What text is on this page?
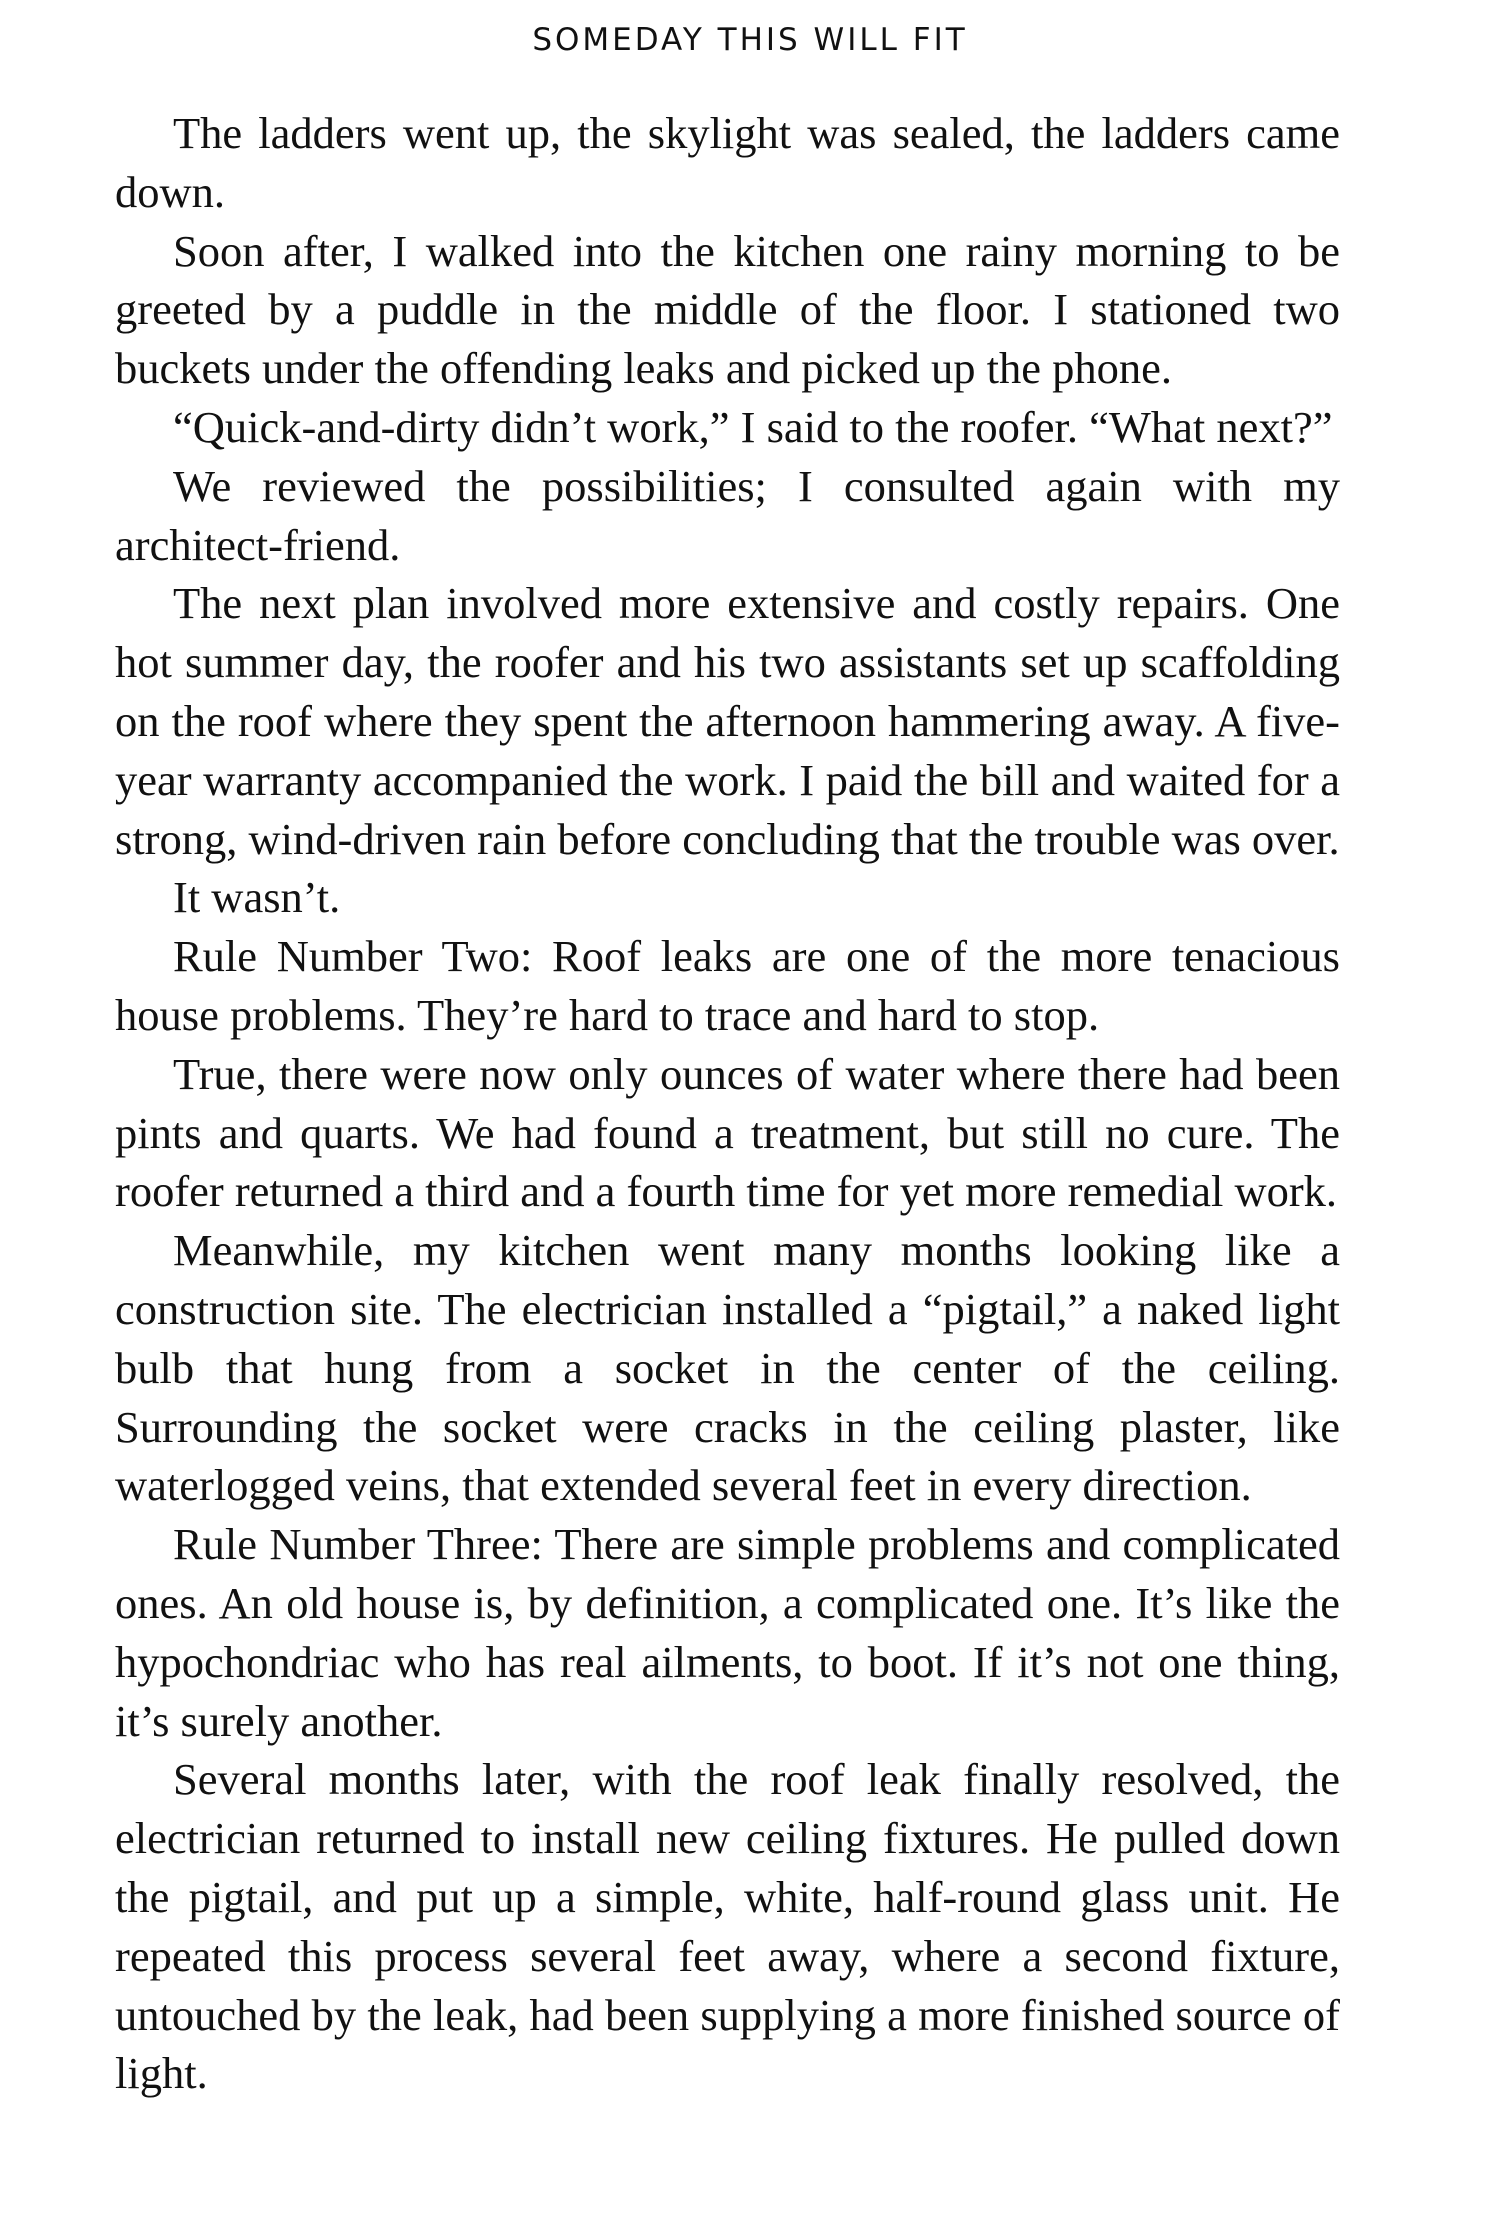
SOMEDAY THIS WILL FIT

The ladders went up, the skylight was sealed, the ladders came down.

Soon after, I walked into the kitchen one rainy morning to be greeted by a puddle in the middle of the floor. I stationed two buckets under the offending leaks and picked up the phone.

“Quick-and-dirty didn’t work,” I said to the roofer. “What next?”

We reviewed the possibilities; I consulted again with my architect-friend.

The next plan involved more extensive and costly repairs. One hot summer day, the roofer and his two assistants set up scaffolding on the roof where they spent the afternoon hammering away. A five-year warranty accompanied the work. I paid the bill and waited for a strong, wind-driven rain before concluding that the trouble was over.

It wasn’t.

Rule Number Two: Roof leaks are one of the more tenacious house problems. They’re hard to trace and hard to stop.

True, there were now only ounces of water where there had been pints and quarts. We had found a treatment, but still no cure. The roofer returned a third and a fourth time for yet more remedial work.

Meanwhile, my kitchen went many months looking like a construction site. The electrician installed a “pigtail,” a naked light bulb that hung from a socket in the center of the ceiling. Surrounding the socket were cracks in the ceiling plaster, like waterlogged veins, that extended several feet in every direction.

Rule Number Three: There are simple problems and complicated ones. An old house is, by definition, a complicated one. It’s like the hypochondriac who has real ailments, to boot. If it’s not one thing, it’s surely another.

Several months later, with the roof leak finally resolved, the electrician returned to install new ceiling fixtures. He pulled down the pigtail, and put up a simple, white, half-round glass unit. He repeated this process several feet away, where a second fixture, untouched by the leak, had been supplying a more finished source of light.
